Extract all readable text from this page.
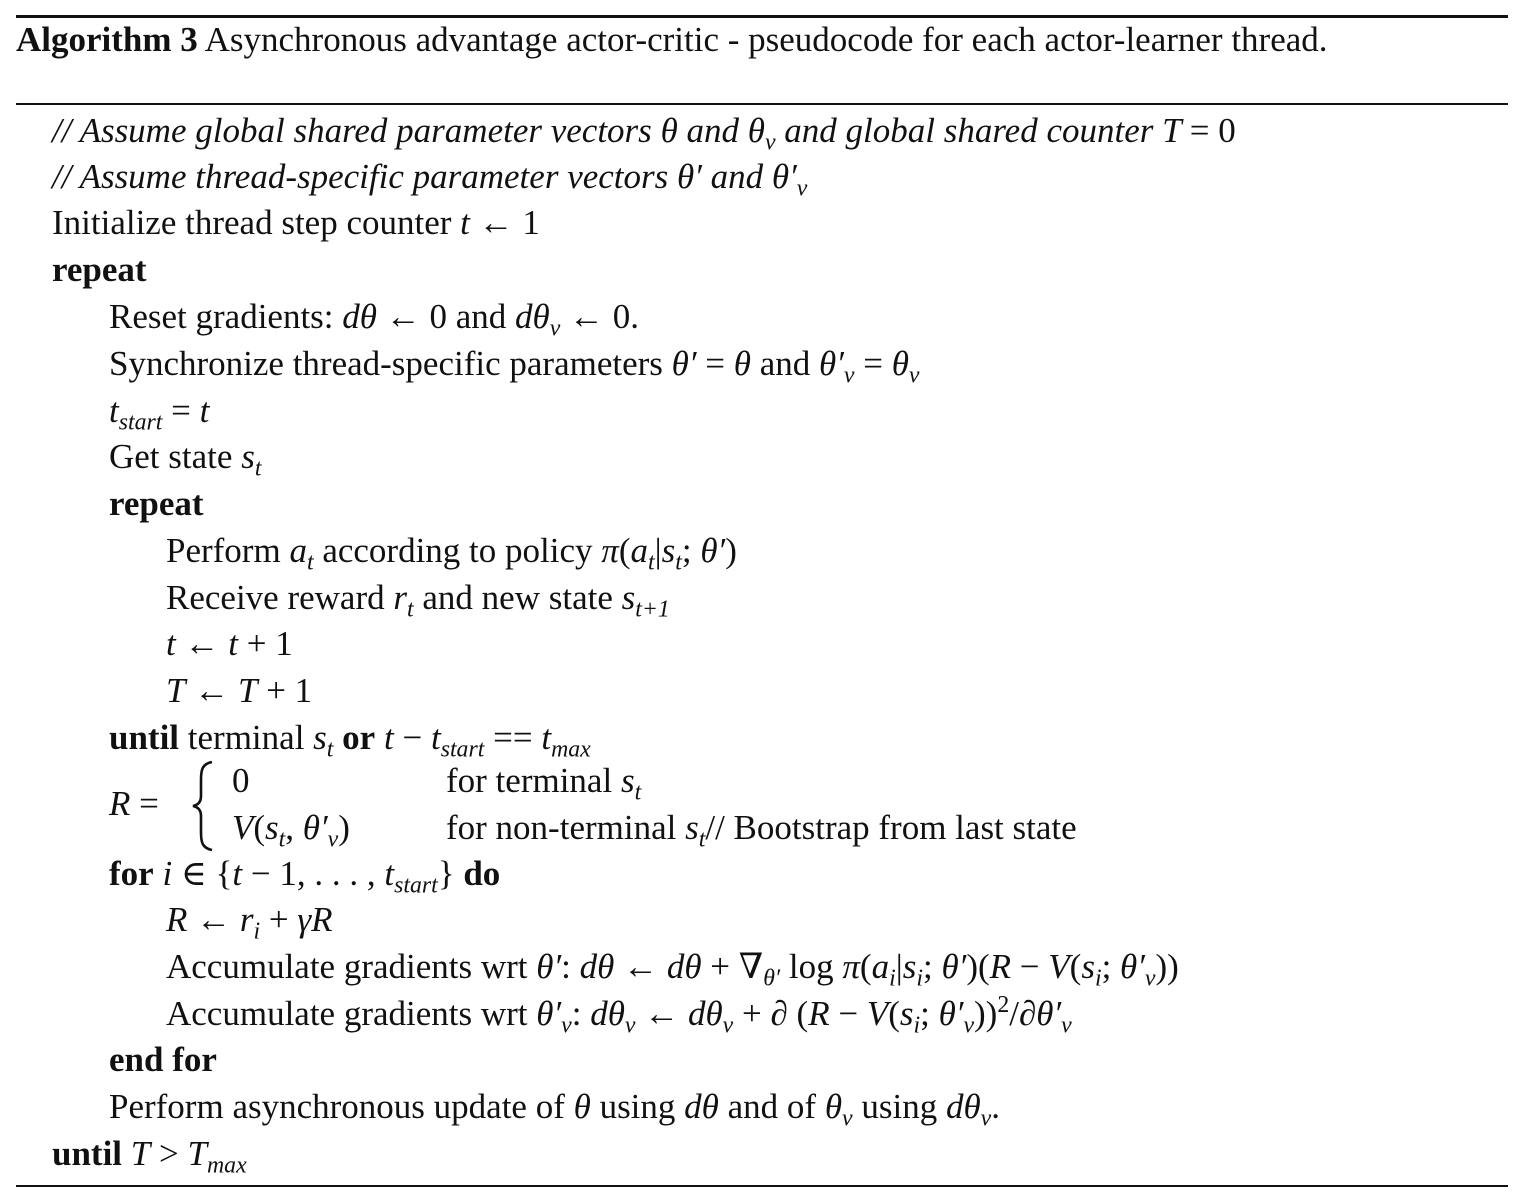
Algorithm 3 Asynchronous advantage actor-critic - pseudocode for each actor-learner thread.
// Assume global shared parameter vectors θ and $\theta_v$ and global shared counter T = 0
// Assume thread-specific parameter vectors θ′ and $\theta'_v$
Initialize thread step counter t ← 1
repeat
Reset gradients: dθ ← 0 and $d\theta_v$ ← 0.
Synchronize thread-specific parameters θ′ = θ and $\theta'_v = \theta_v$
$t_{start} = t$
Get state $s_t$
repeat
Perform $a_t$ according to policy $\pi(a_t|s_t$; θ′)
Receive reward $r_t$ and new state $s_{t+1}$
t ← t + 1
T ← T + 1
until terminal $s_t$ or $t - t_{start} == t_{max}$
R =
0	for terminal $s_t$
$V(s_t$, $\theta'_v$)	for non-terminal $s_t//$ Bootstrap from last state
for i ∈ {t − 1, . . . , $t_{start}$} do
R ← $r_i + \gamma R$
Accumulate gradients wrt θ′: dθ ← $d\theta + \nabla_{\theta'}$ $\log \pi(a_i|s_i$; $\theta')(R - V(s_i$; $\theta'_v$))
Accumulate gradients wrt $\theta'_v$: $d\theta_v$ ← $d\theta_v$ + ∂ ($R - V(s_i$; $\theta'_v))^2/\partial\theta'_v$
end for
Perform asynchronous update of θ using dθ and of $\theta_v$ using $d\theta_v$.
until $T > T_{max}$
